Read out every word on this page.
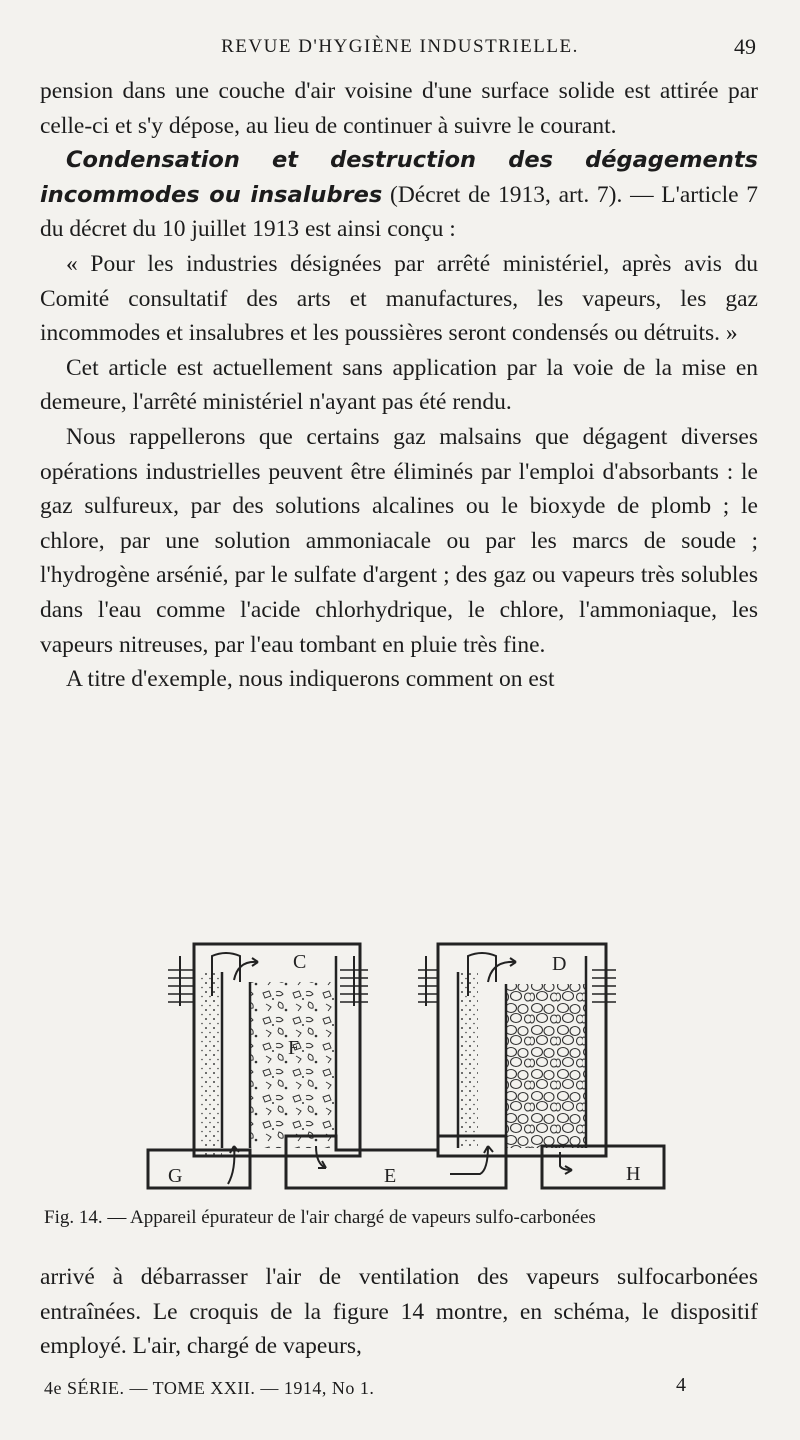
REVUE D'HYGIÈNE INDUSTRIELLE.	49

pension dans une couche d'air voisine d'une surface solide est attirée par celle-ci et s'y dépose, au lieu de continuer à suivre le courant.

Condensation et destruction des dégagements incommodes ou insalubres (Décret de 1913, art. 7). — L'article 7 du décret du 10 juillet 1913 est ainsi conçu :

« Pour les industries désignées par arrêté ministériel, après avis du Comité consultatif des arts et manufactures, les vapeurs, les gaz incommodes et insalubres et les poussières seront condensés ou détruits. »

Cet article est actuellement sans application par la voie de la mise en demeure, l'arrêté ministériel n'ayant pas été rendu.

Nous rappellerons que certains gaz malsains que dégagent diverses opérations industrielles peuvent être éliminés par l'emploi d'absorbants : le gaz sulfureux, par des solutions alcalines ou le bioxyde de plomb ; le chlore, par une solution ammoniacale ou par les marcs de soude ; l'hydrogène arsénié, par le sulfate d'argent ; des gaz ou vapeurs très solubles dans l'eau comme l'acide chlorhydrique, le chlore, l'ammoniaque, les vapeurs nitreuses, par l'eau tombant en pluie très fine.

A titre d'exemple, nous indiquerons comment on est

C	D
F
G	E	H
Fig. 14. — Appareil épurateur de l'air chargé de vapeurs sulfo-carbonées

arrivé à débarrasser l'air de ventilation des vapeurs sulfocarbonées entraînées. Le croquis de la figure 14 montre, en schéma, le dispositif employé. L'air, chargé de vapeurs,

4e SÉRIE. — TOME XXII. — 1914, No 1.	4
